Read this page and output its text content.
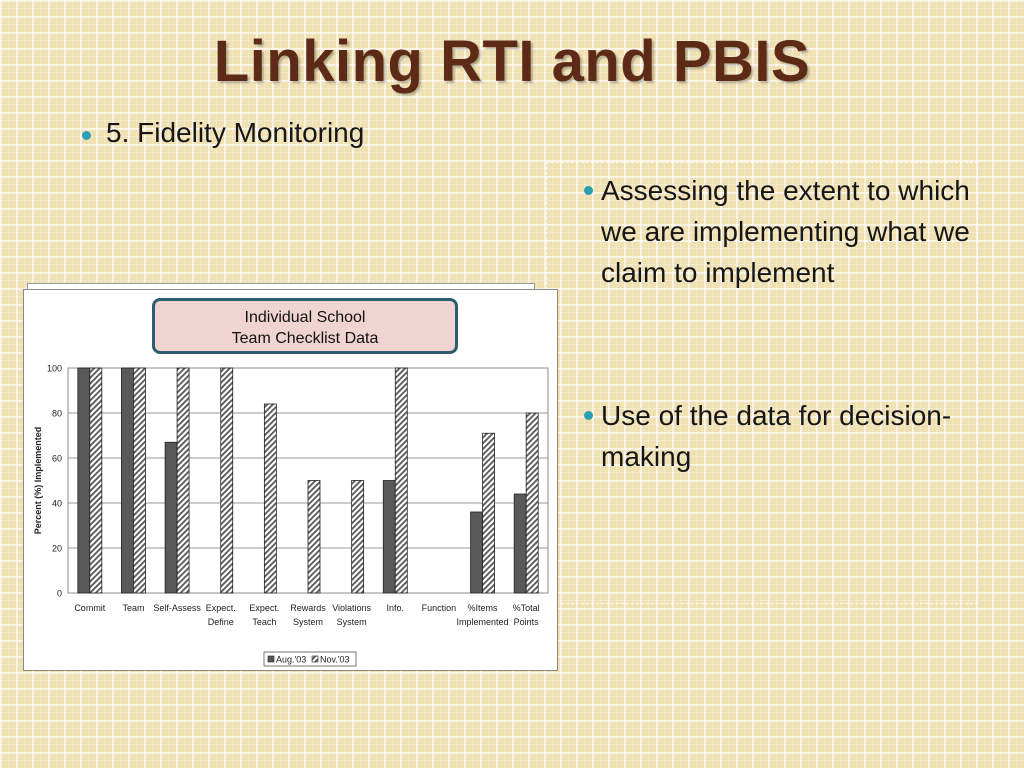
Linking RTI and PBIS
5. Fidelity Monitoring
Assessing the extent to which we are implementing what we claim to implement
Use of the data for decision-making
0
20
40
60
80
100
Percent (%) Implemented
Commit Team Self-Assess Expect.
Define
Expect.
Teach
Rewards
System
Violations
System
Info. Function %Items
Implemented
%Total
Points
Aug.'03 Nov.'03
Individual School
Team Checklist Data
